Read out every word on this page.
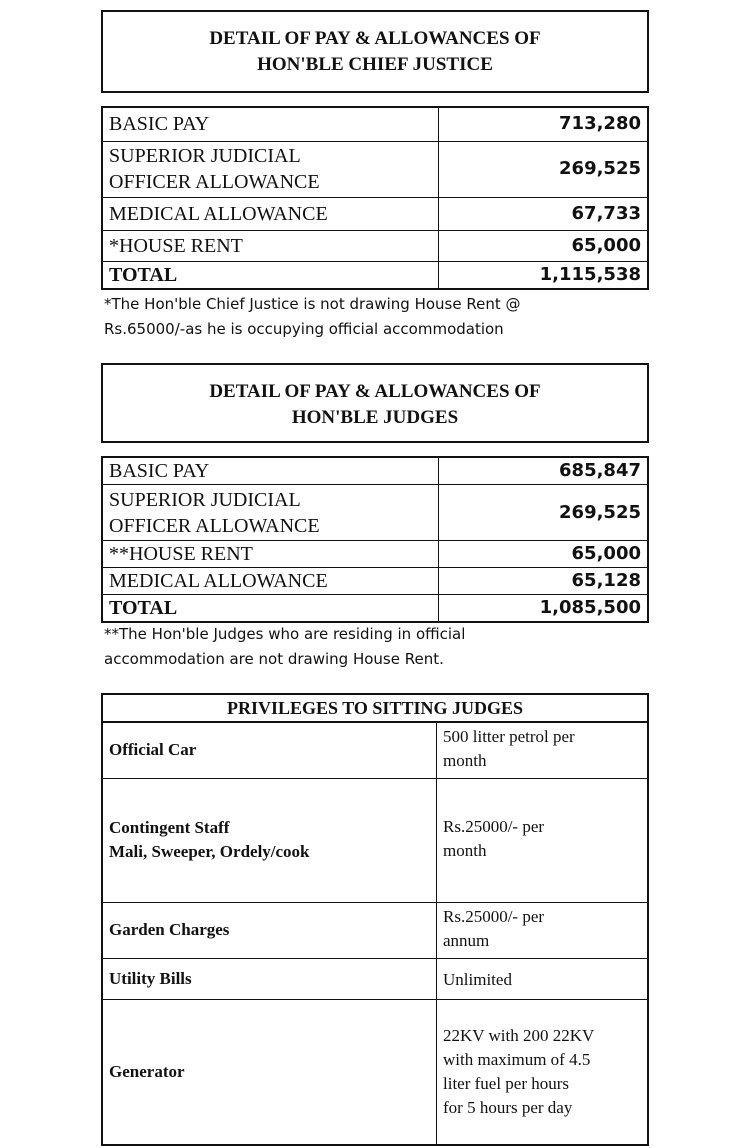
DETAIL OF PAY & ALLOWANCES OF
HON'BLE CHIEF JUSTICE
BASIC PAY	713,280
SUPERIOR JUDICIAL
OFFICER ALLOWANCE	269,525
MEDICAL ALLOWANCE	67,733
*HOUSE RENT	65,000
TOTAL	1,115,538
*The Hon'ble Chief Justice is not drawing House Rent @
Rs.65000/-as he is occupying official accommodation
DETAIL OF PAY & ALLOWANCES OF
HON'BLE JUDGES
BASIC PAY	685,847
SUPERIOR JUDICIAL
OFFICER ALLOWANCE	269,525
**HOUSE RENT	65,000
MEDICAL ALLOWANCE	65,128
TOTAL	1,085,500
**The Hon'ble Judges who are residing in official
accommodation are not drawing House Rent.
PRIVILEGES TO SITTING JUDGES	
Official Car	500 litter petrol per
month
Contingent Staff
Mali, Sweeper, Ordely/cook	Rs.25000/- per
month
Garden Charges	Rs.25000/- per
annum
Utility Bills	Unlimited
Generator	22KV with 200 22KV
with maximum of 4.5
liter fuel per hours
for 5 hours per day
